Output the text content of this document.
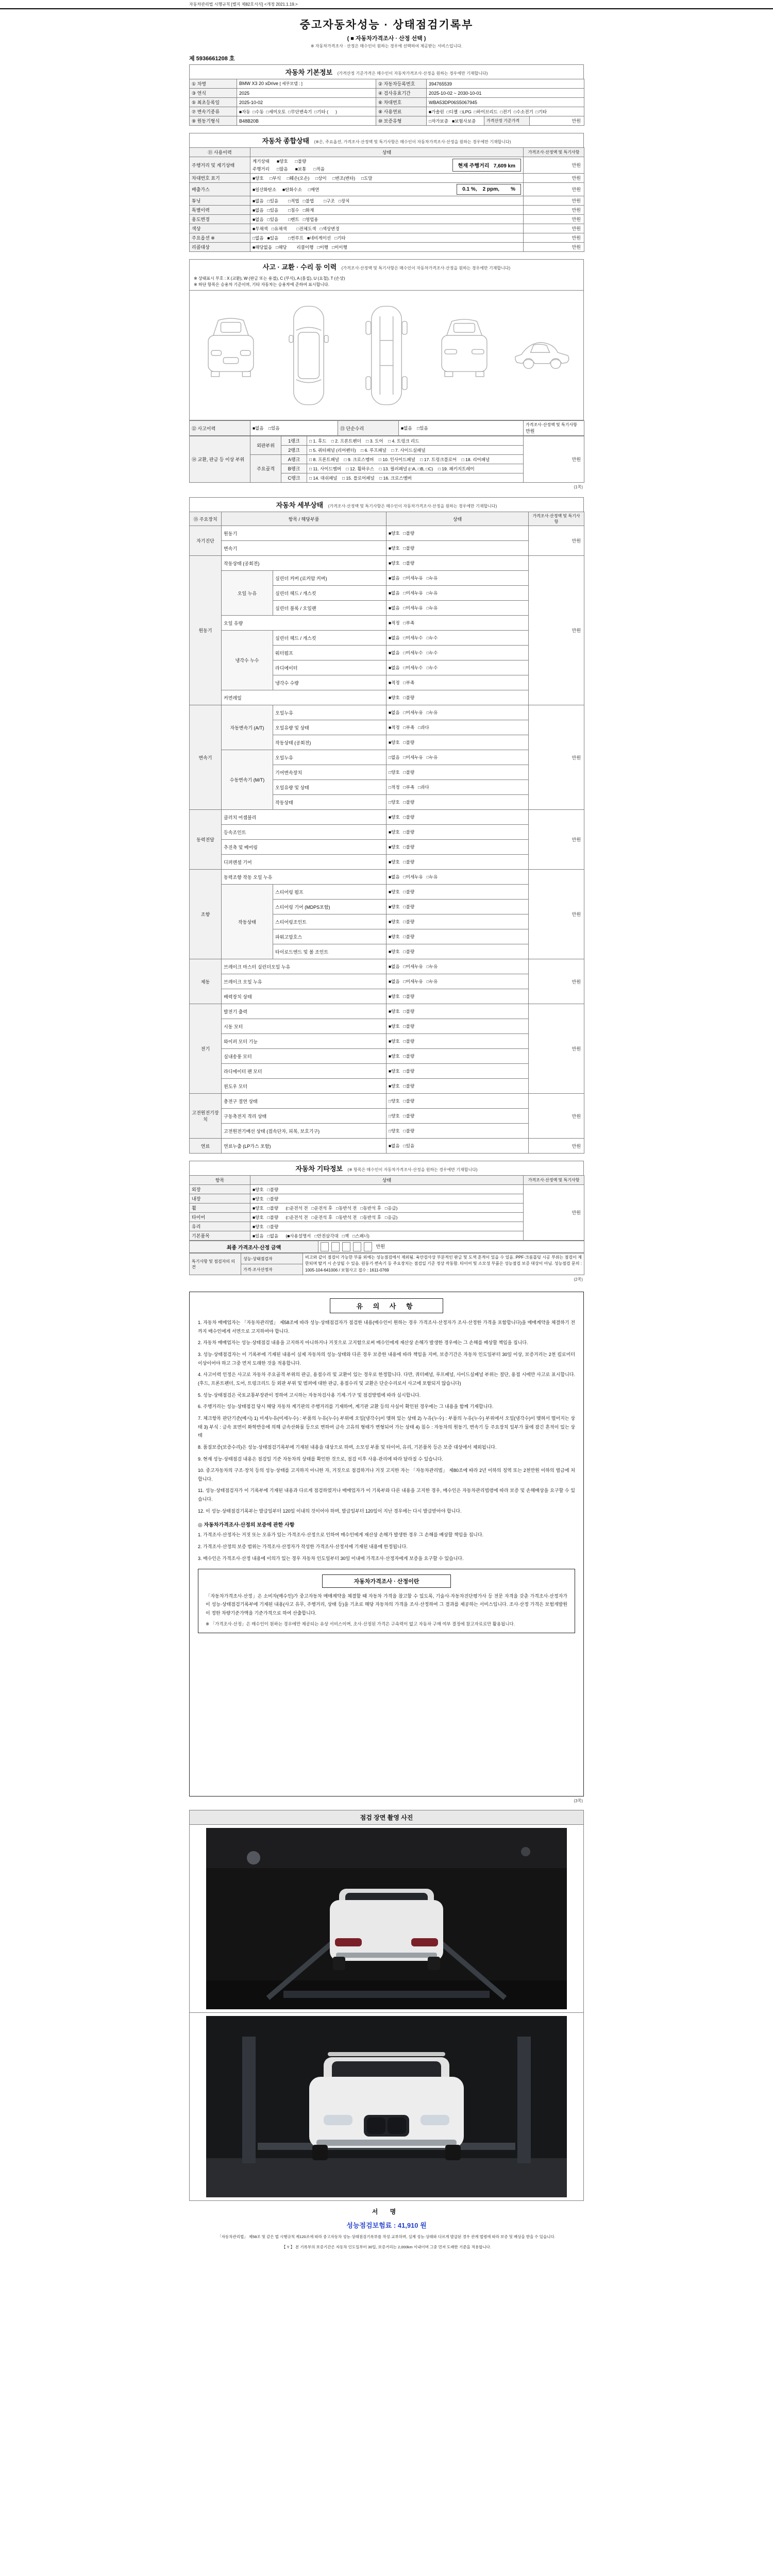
자동차관리법 시행규칙 [별지 제82호서식] <개정 2021.1.19.>
중고자동차성능 · 상태점검기록부
( ■ 자동차가격조사 · 산정 선택 )
※ 자동차가격조사 · 산정은 매수인이 원하는 경우에 선택하여 제공받는 서비스입니다.
제 5936661208 호
자동차 기본정보 (가격산정 기준가격은 매수인이 자동차가격조사·산정을 원하는 경우에만 기재합니다)
① 차명	BMW X3 20 xDrive [ 세부모델 : ]	② 자동차등록번호	394765539		
③ 연식	2025	④ 검사유효기간	2025-10-02 ~ 2030-10-01		
⑤ 최초등록일	2025-10-02	⑥ 차대번호	WBA53DP06S5067945		
⑦ 변속기종류	■자동  □수동  □세미오토  □무단변속기  □기타 (      )	⑧ 사용연료	■가솔린  □디젤  □LPG  □하이브리드  □전기  □수소전기  □기타		
⑨ 원동기형식	B48B20B	⑩ 보증유형	□자가보증   ■보험사보증	가격산정 기준가격	만원
자동차 종합상태 (※은, 주요옵션, 가격조사·산정액 및 특기사항은 매수인이 자동차가격조사·산정을 원하는 경우에만 기재합니다)
⑪ 사용이력	상태	가격조사·산정액 및 특기사항
주행거리 및 계기상태	계기상태      ■양호      □불량
주행거리      □많음      ■보통      □적음 현재 주행거리   7,609 km	만원
차대번호 표기	■양호     □부식     □훼손(오손)     □상이     □변조(변타)     □도말	만원
배출가스	■일산화탄소     ■탄화수소     □매연 0.1 %,    2 ppm,        %	만원
튜닝	■없음   □있음        □적법   □불법        □구조   □장치	만원
특별이력	■없음   □있음        □침수   □화재	만원
용도변경	■없음   □있음        □렌트   □영업용	만원
색상	■무채색   □유채색        □전체도색   □색상변경	만원
주요옵션 ※	□없음   ■있음        □썬루프   ■네비게이션   □기타	만원
리콜대상	■해당없음   □해당        리콜이행   □이행   □미이행	만원
사고 · 교환 · 수리 등 이력 (가격조사·산정액 및 특기사항은 매수인이 자동차가격조사·산정을 원하는 경우에만 기재합니다)
※ 상태표시 부호 : X (교환), W (판금 또는 용접), C (부식), A (흠집), U (요철), T (손상)
※ 하단 항목은 승용차 기준이며, 기타 자동차는 승용차에 준하여 표시합니다.
⑫ 사고이력	■없음    □있음	⑬ 단순수리	■없음    □있음	가격조사·산정액 및 특기사항
만원
⑭ 교환, 판금 등 이상 부위	외판부위	1랭크	□ 1. 후드    □ 2. 프론트펜더    □ 3. 도어    □ 4. 트렁크 리드	만원
		2랭크	□ 5. 쿼터패널 (리어펜더)    □ 6. 루프패널    □ 7. 사이드실패널	
	주요골격	A랭크	□ 8. 프론트패널    □ 9. 크로스멤버    □ 10. 인사이드패널    □ 17. 트렁크플로어    □ 18. 리어패널	
		B랭크	□ 11. 사이드멤버    □ 12. 휠하우스    □ 13. 필러패널 (□A, □B, □C)    □ 19. 패키지트레이	
		C랭크	□ 14. 대쉬패널    □ 15. 플로어패널    □ 16. 크로스멤버	
(1쪽)
자동차 세부상태 (가격조사·산정액 및 특기사항은 매수인이 자동차가격조사·산정을 원하는 경우에만 기재합니다)
⑮ 주요장치	항목 / 해당부품		상태	가격조사·산정액 및 특기사항
자기진단	원동기		■양호   □불량	만원
	변속기		■양호   □불량	
원동기	작동상태 (공회전)		■양호   □불량	만원
	오일 누유	실린더 커버 (로커암 커버)	■없음   □미세누유   □누유	
		실린더 헤드 / 개스킷	■없음   □미세누유   □누유	
		실린더 블록 / 오일팬	■없음   □미세누유   □누유	
	오일 유량		■적정   □부족	
	냉각수 누수	실린더 헤드 / 개스킷	■없음   □미세누수   □누수	
		워터펌프	■없음   □미세누수   □누수	
		라디에이터	■없음   □미세누수   □누수	
		냉각수 수량	■적정   □부족	
	커먼레일		■양호   □불량	
변속기	자동변속기 (A/T)	오일누유	■없음   □미세누유   □누유	만원
		오일유량 및 상태	■적정   □부족   □과다	
		작동상태 (공회전)	■양호   □불량	
	수동변속기 (M/T)	오일누유	□없음   □미세누유   □누유	
		기어변속장치	□양호   □불량	
		오일유량 및 상태	□적정   □부족   □과다	
		작동상태	□양호   □불량	
동력전달	클러치 어셈블리		■양호   □불량	만원
	등속조인트		■양호   □불량	
	추진축 및 베어링		■양호   □불량	
	디퍼렌셜 기어		■양호   □불량	
조향	동력조향 작동 오일 누유		■없음   □미세누유   □누유	만원
	작동상태	스티어링 펌프	■양호   □불량	
		스티어링 기어 (MDPS포함)	■양호   □불량	
		스티어링조인트	■양호   □불량	
		파워고압호스	■양호   □불량	
		타이로드엔드 및 볼 조인트	■양호   □불량	
제동	브레이크 마스터 실린더오일 누유		■없음   □미세누유   □누유	만원
	브레이크 오일 누유		■없음   □미세누유   □누유	
	배력장치 상태		■양호   □불량	
전기	발전기 출력		■양호   □불량	만원
	시동 모터		■양호   □불량	
	와이퍼 모터 기능		■양호   □불량	
	실내송풍 모터		■양호   □불량	
	라디에이터 팬 모터		■양호   □불량	
	윈도우 모터		■양호   □불량	
고전원전기장치	충전구 절연 상태		□양호   □불량	만원
	구동축전지 격리 상태		□양호   □불량	
	고전원전기배선 상태 (접속단자, 피복, 보호기구)		□양호   □불량	
연료	연료누출 (LP가스 포함)		■없음   □있음	만원
자동차 기타정보 (※ 항목은 매수인이 자동차가격조사·산정을 원하는 경우에만 기재합니다)
항목	상태	가격조사·산정액 및 특기사항
외장	■양호   □불량	만원
내장	■양호   □불량	
휠	■양호   □불량      (□운전석 전   □운전석 후   □동반석 전   □동반석 후   □응급)	
타이어	■양호   □불량      (□운전석 전   □운전석 후   □동반석 전   □동반석 후   □응급)	
유리	■양호   □불량	
기본품목	■있음   □없음      (■사용설명서   □안전삼각대   □잭   □스패너)	
최종 가격조사·산정 금액	만원
특기사항 및 점검자의 의견	성능·상태점검자	비고와 같이 점검이 가능한 부품 외에는 성능점검에서 제외됨. 육안검사상 부분적인 판금 및 도색 흔적이 있을 수 있음. PPF·크롬몰딩 시공 부위는 점검이 제한되며 탈거 시 손상될 수 있음. 원동기·변속기 등 주요장치는 점검일 기준 정상 작동함. 타이어 및 소모성 부품은 성능점검 보증 대상이 아님. 성능점검 문의 : 1005-104-641006 / 보험사고 접수 : 1611-0769
가격·조사산정자
(2쪽)
유 의 사 항
1. 자동차 매매업자는 「자동차관리법」 제58조에 따라 성능·상태점검자가 점검한 내용(매수인이 원하는 경우 가격조사·산정자가 조사·산정한 가격을 포함합니다)을 매매계약을 체결하기 전까지 매수인에게 서면으로 고지하여야 합니다.
2. 자동차 매매업자는 성능·상태점검 내용을 고지하지 아니하거나 거짓으로 고지함으로써 매수인에게 재산상 손해가 발생한 경우에는 그 손해를 배상할 책임을 집니다.
3. 성능·상태점검자는 이 기록부에 기재된 내용이 실제 자동차의 성능·상태와 다른 경우 보증한 내용에 따라 책임을 지며, 보증기간은 자동차 인도일부터 30일 이상, 보증거리는 2천 킬로미터 이상이어야 하고 그중 먼저 도래한 것을 적용합니다.
4. 사고이력 인정은 사고로 자동차 주요골격 부위의 판금, 용접수리 및 교환이 있는 경우로 한정합니다. 다만, 쿼터패널, 루프패널, 사이드실패널 부위는 절단, 용접 시에만 사고로 표시합니다. (후드, 프론트펜더, 도어, 트렁크리드 등 외판 부위 및 범퍼에 대한 판금, 용접수리 및 교환은 단순수리로서 사고에 포함되지 않습니다)
5. 성능·상태점검은 국토교통부장관이 정하여 고시하는 자동차검사용 기계·기구 및 점검방법에 따라 실시합니다.
6. 주행거리는 성능·상태점검 당시 해당 자동차 계기판의 주행거리를 기재하며, 계기판 교환 등의 사실이 확인된 경우에는 그 내용을 함께 기재합니다.
7. 체크항목 판단기준(예시) 1) 미세누유(미세누수) : 부품의 누유(누수) 부위에 오일(냉각수)이 맺혀 있는 상태 2) 누유(누수) : 부품의 누유(누수) 부위에서 오일(냉각수)이 맺혀서 떨어지는 상태 3) 부식 : 금속 표면이 화학반응에 의해 금속산화물 등으로 변하여 금속 고유의 형태가 변형되어 가는 상태 4) 침수 : 자동차의 원동기, 변속기 등 주요장치 일부가 물에 잠긴 흔적이 있는 상태
8. 품질보증(보증수리)은 성능·상태점검기록부에 기재된 내용을 대상으로 하며, 소모성 부품 및 타이어, 유리, 기본품목 등은 보증 대상에서 제외됩니다.
9. 현재 성능·상태점검 내용은 점검일 기준 자동차의 상태를 확인한 것으로, 점검 이후 사용·관리에 따라 달라질 수 있습니다.
10. 중고자동차의 구조·장치 등의 성능·상태를 고지하지 아니한 자, 거짓으로 점검하거나 거짓 고지한 자는 「자동차관리법」 제80조에 따라 2년 이하의 징역 또는 2천만원 이하의 벌금에 처합니다.
11. 성능·상태점검자가 이 기록부에 기재된 내용과 다르게 점검하였거나 매매업자가 이 기록부와 다른 내용을 고지한 경우, 매수인은 자동차관리법령에 따라 보증 및 손해배상을 요구할 수 있습니다.
12. 이 성능·상태점검기록부는 발급일부터 120일 이내의 것이어야 하며, 발급일부터 120일이 지난 경우에는 다시 발급받아야 합니다.
◎ 자동차가격조사·산정의 보증에 관한 사항
1. 가격조사·산정자는 거짓 또는 오류가 있는 가격조사·산정으로 인하여 매수인에게 재산상 손해가 발생한 경우 그 손해를 배상할 책임을 집니다.
2. 가격조사·산정의 보증 범위는 가격조사·산정자가 작성한 가격조사·산정서에 기재된 내용에 한정됩니다.
3. 매수인은 가격조사·산정 내용에 이의가 있는 경우 자동차 인도일부터 30일 이내에 가격조사·산정자에게 보증을 요구할 수 있습니다.
자동차가격조사 · 산정이란
「자동차가격조사·산정」은 소비자(매수인)가 중고자동차 매매계약을 체결할 때 자동차 가격을 참고할 수 있도록, 기술사·자동차진단평가사 등 전문 자격을 갖춘 가격조사·산정자가 이 성능·상태점검기록부에 기재된 내용(사고 유무, 주행거리, 상태 등)을 기초로 해당 자동차의 가격을 조사·산정하여 그 결과를 제공하는 서비스입니다. 조사·산정 가격은 보험개발원이 정한 차량기준가액을 기준가격으로 하여 산출합니다.
※ 「가격조사·산정」은 매수인이 원하는 경우에만 제공되는 유상 서비스이며, 조사·산정된 가격은 구속력이 없고 자동차 구매 여부 결정에 참고자료로만 활용됩니다.
(3쪽)
점검 장면 촬영 사진
서 명
성능점검보험료 : 41,910 원
「자동차관리법」 제58조 및 같은 법 시행규칙 제120조에 따라 중고자동차 성능·상태점검기록부를 작성·교부하며, 실제 성능·상태와 다르게 발급된 경우 관계 법령에 따라 보증 및 배상을 받을 수 있습니다.
【 Y 】 본 기록부의 보증기간은 자동차 인도일부터 30일, 보증거리는 2,000km 이내이며 그중 먼저 도래한 기준을 적용합니다.
